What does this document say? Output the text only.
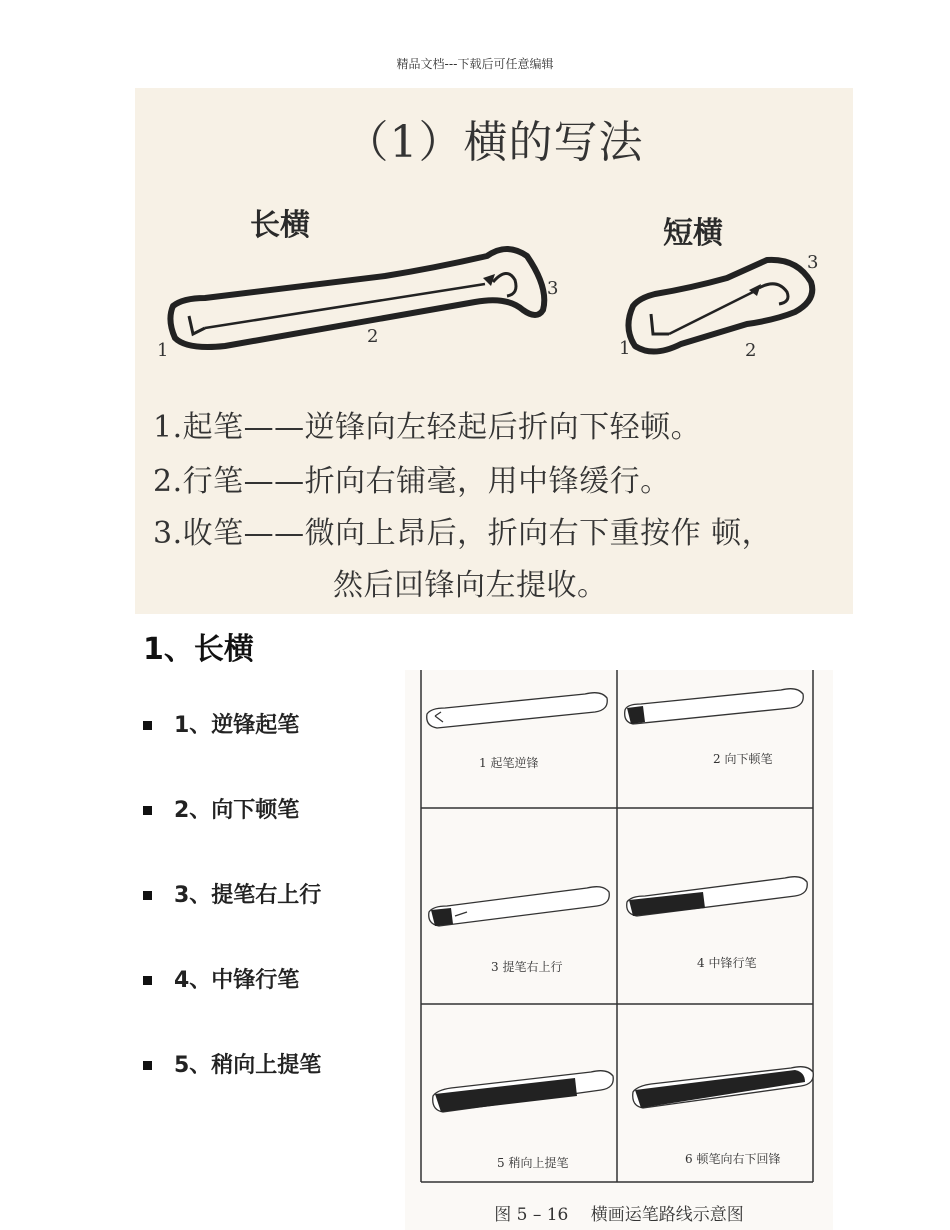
精品文档---下载后可任意编辑
（1）横的写法
长横	短横
1
2
3
1	2
3
1.起笔——逆锋向左轻起后折向下轻顿。
2.行笔——折向右铺毫，用中锋缓行。
3.收笔——微向上昂后，折向右下重按作 顿，
然后回锋向左提收。
1、长横
1、逆锋起笔
2、向下顿笔
3、提笔右上行
4、中锋行笔
5、稍向上提笔
1 起笔逆锋	2 向下顿笔
3 提笔右上行	4 中锋行笔
5 稍向上提笔	6 顿笔向右下回锋
图 5 – 16　 横画运笔路线示意图
